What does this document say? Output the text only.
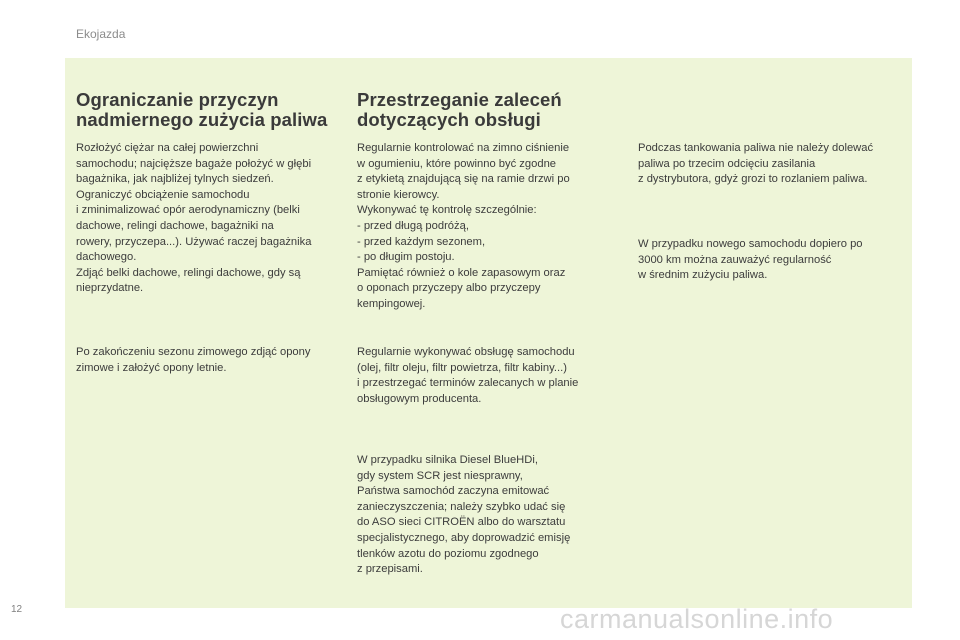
Ekojazda
Ograniczanie przyczyn
nadmiernego zużycia paliwa

Rozłożyć ciężar na całej powierzchni
samochodu; najcięższe bagaże położyć w głębi
bagażnika, jak najbliżej tylnych siedzeń.
Ograniczyć obciążenie samochodu
i zminimalizować opór aerodynamiczny (belki
dachowe, relingi dachowe, bagażniki na
rowery, przyczepa...). Używać raczej bagażnika
dachowego.
Zdjąć belki dachowe, relingi dachowe, gdy są
nieprzydatne.

Po zakończeniu sezonu zimowego zdjąć opony
zimowe i założyć opony letnie.

Przestrzeganie zaleceń
dotyczących obsługi

Regularnie kontrolować na zimno ciśnienie
w ogumieniu, które powinno być zgodne
z etykietą znajdującą się na ramie drzwi po
stronie kierowcy.
Wykonywać tę kontrolę szczególnie:
- przed długą podróżą,
- przed każdym sezonem,
- po długim postoju.
Pamiętać również o kole zapasowym oraz
o oponach przyczepy albo przyczepy
kempingowej.

Regularnie wykonywać obsługę samochodu
(olej, filtr oleju, filtr powietrza, filtr kabiny...)
i przestrzegać terminów zalecanych w planie
obsługowym producenta.

W przypadku silnika Diesel BlueHDi,
gdy system SCR jest niesprawny,
Państwa samochód zaczyna emitować
zanieczyszczenia; należy szybko udać się
do ASO sieci CITROËN albo do warsztatu
specjalistycznego, aby doprowadzić emisję
tlenków azotu do poziomu zgodnego
z przepisami.

Podczas tankowania paliwa nie należy dolewać
paliwa po trzecim odcięciu zasilania
z dystrybutora, gdyż grozi to rozlaniem paliwa.

W przypadku nowego samochodu dopiero po
3000 km można zauważyć regularność
w średnim zużyciu paliwa.

12	carmanualsonline.info
